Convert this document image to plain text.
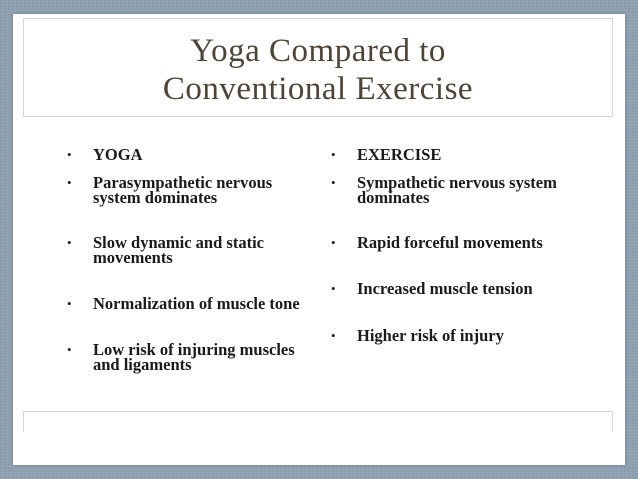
Yoga Compared to
Conventional Exercise
• YOGA
• Parasympathetic nervous system dominates
• Slow dynamic and static movements
• Normalization of muscle tone
• Low risk of injuring muscles and ligaments
• EXERCISE
• Sympathetic nervous system dominates
• Rapid forceful movements
• Increased muscle tension
• Higher risk of injury
